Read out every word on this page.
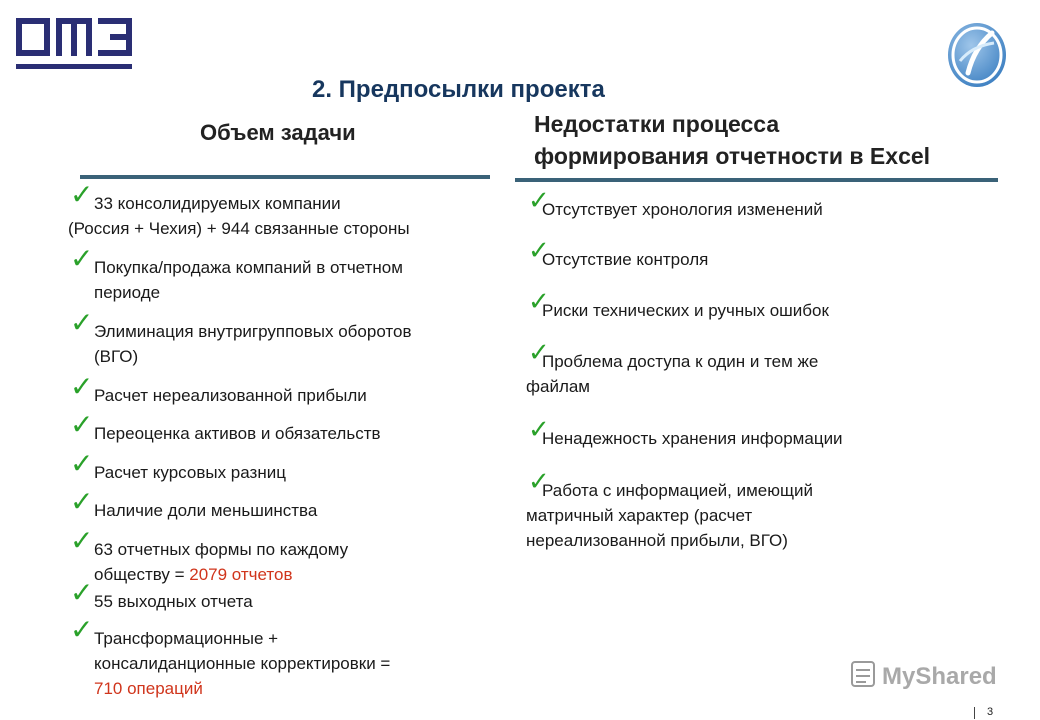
2. Предпосылки проекта
Объем задачи	Недостатки процесса
формирования отчетности в Excel
✓ 33 консолидируемых компании
(Россия + Чехия) + 944 связанные стороны
✓ Покупка/продажа компаний в отчетном
периоде
✓ Элиминация внутригрупповых оборотов
(ВГО)
✓ Расчет нереализованной прибыли
✓ Переоценка активов и обязательств
✓ Расчет курсовых разниц
✓ Наличие доли меньшинства
✓ 63 отчетных формы по каждому
обществу = 2079 отчетов
✓ 55 выходных отчета
✓ Трансформационные +
консалиданционные корректировки =
710 операций
✓
Отсутствует хронология изменений
✓
Отсутствие контроля
✓
Риски технических и ручных ошибок
✓
Проблема доступа к один и тем же
файлам
✓
Ненадежность хранения информации
✓
Работа с информацией, имеющий
матричный характер (расчет
нереализованной прибыли, ВГО)
MyShared
3
